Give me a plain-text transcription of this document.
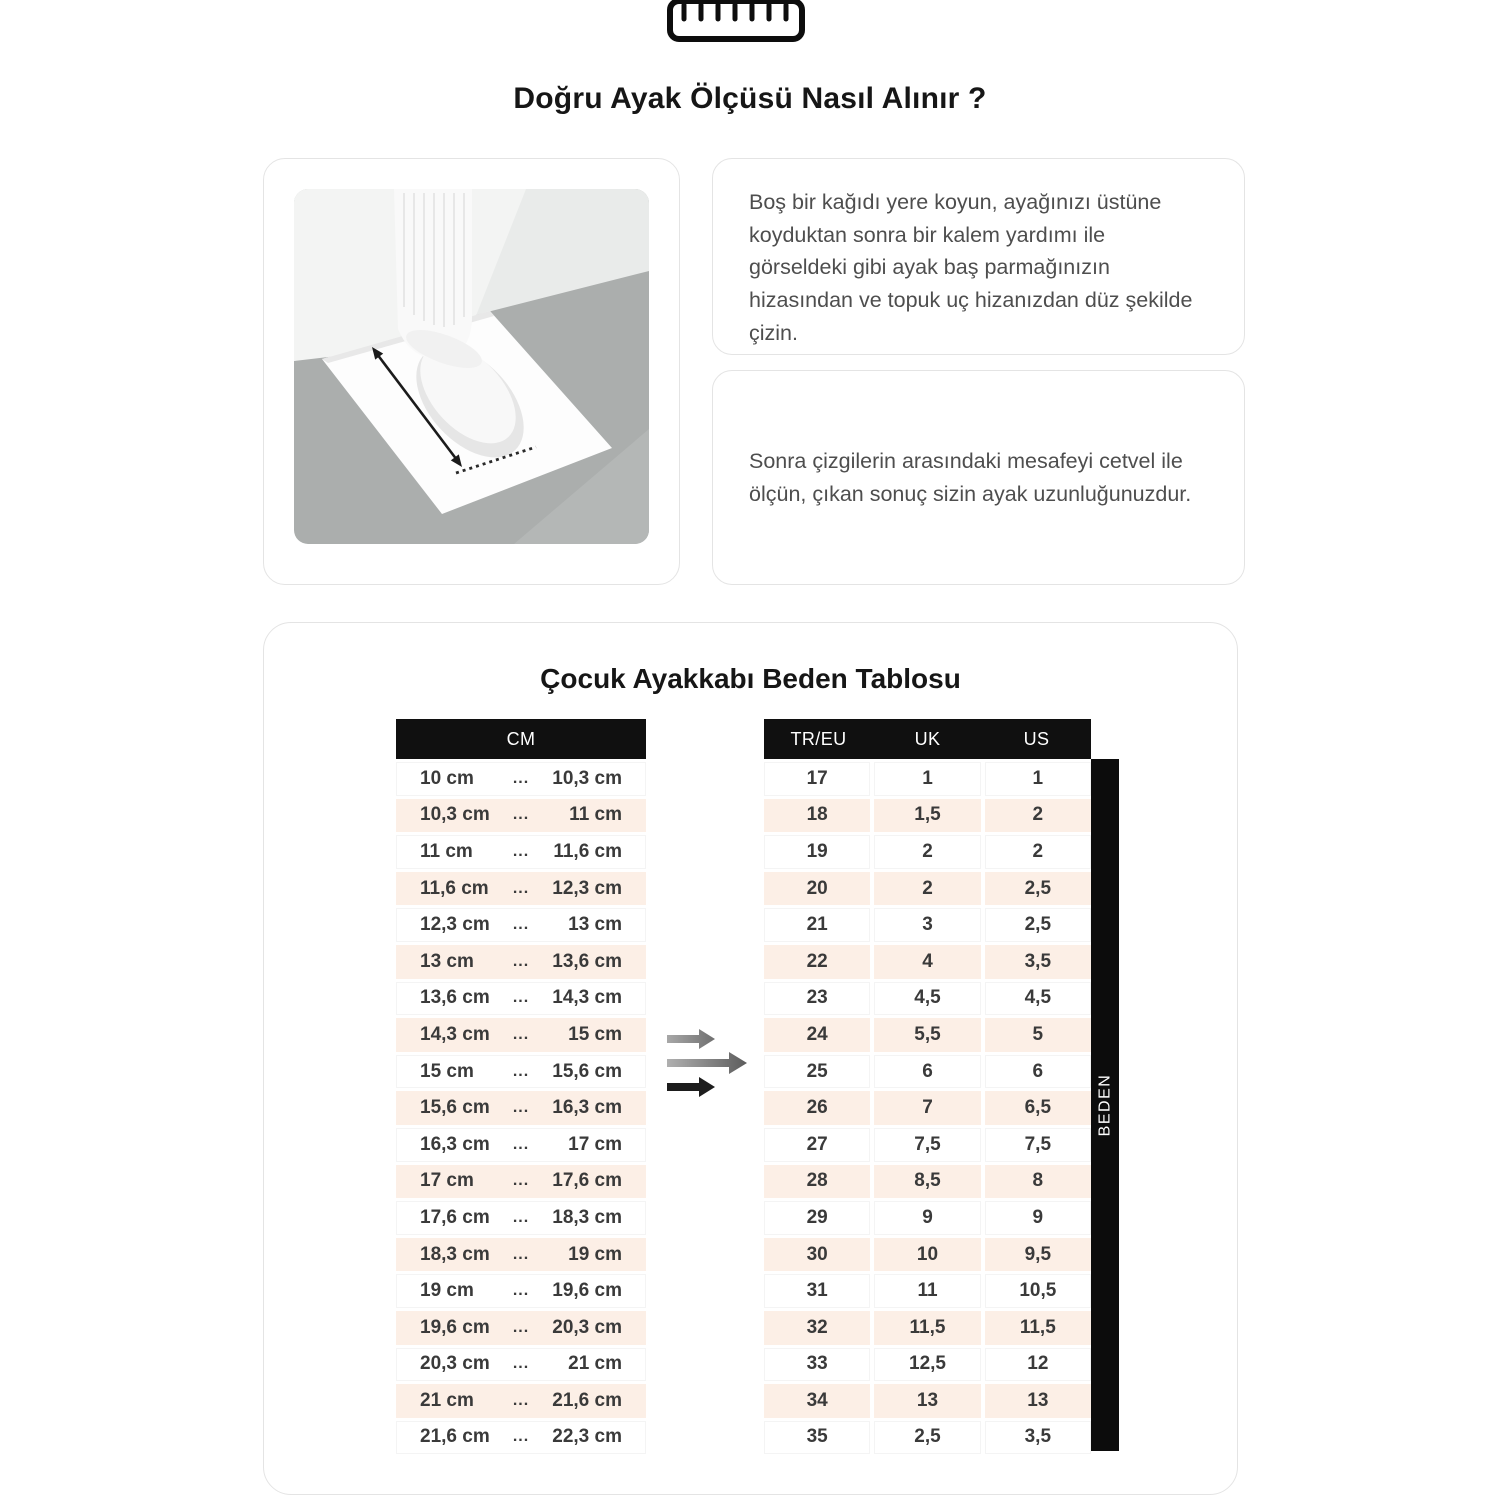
Doğru Ayak Ölçüsü Nasıl Alınır ?
Boş bir kağıdı yere koyun, ayağınızı üstüne koyduktan sonra bir kalem yardımı ile görseldeki gibi ayak baş parmağınızın hizasından ve topuk uç hizanızdan düz şekilde çizin.
Sonra çizgilerin arasındaki mesafeyi cetvel ile ölçün, çıkan sonuç sizin ayak uzunluğunuzdur.
Çocuk Ayakkabı Beden Tablosu
CM
10 cm	...	10,3 cm
10,3 cm	...	11 cm
11 cm	...	11,6 cm
11,6 cm	...	12,3 cm
12,3 cm	...	13 cm
13 cm	...	13,6 cm
13,6 cm	...	14,3 cm
14,3 cm	...	15 cm
15 cm	...	15,6 cm
15,6 cm	...	16,3 cm
16,3 cm	...	17 cm
17 cm	...	17,6 cm
17,6 cm	...	18,3 cm
18,3 cm	...	19 cm
19 cm	...	19,6 cm
19,6 cm	...	20,3 cm
20,3 cm	...	21 cm
21 cm	...	21,6 cm
21,6 cm	...	22,3 cm
TR/EU	UK	US
17	1	1
18	1,5	2
19	2	2
20	2	2,5
21	3	2,5
22	4	3,5
23	4,5	4,5
24	5,5	5
25	6	6
26	7	6,5
27	7,5	7,5
28	8,5	8
29	9	9
30	10	9,5
31	11	10,5
32	11,5	11,5
33	12,5	12
34	13	13
35	2,5	3,5
BEDEN
